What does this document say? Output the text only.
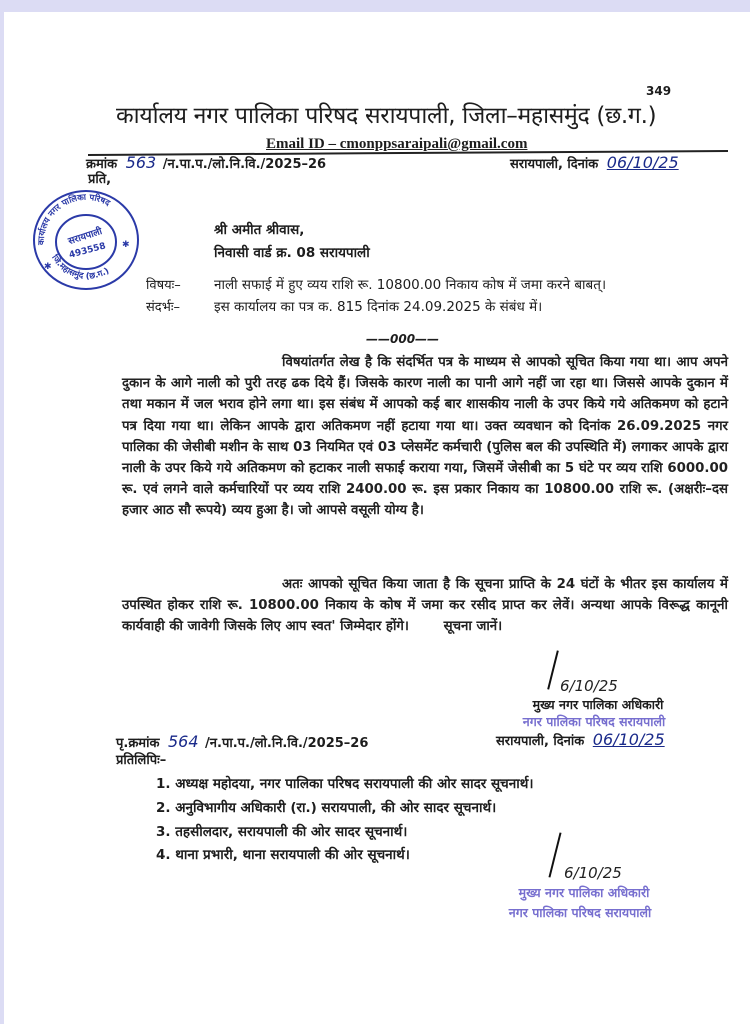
349
कार्यालय नगर पालिका परिषद सरायपाली, जिला–महासमुंद (छ.ग.)
Email ID – cmonppsaraipali@gmail.com
क्रमांक 563 /न.पा.प./लो.नि.वि./2025–26	सरायपाली, दिनांक 06/10/25
प्रति,
कार्यालय नगर पालिका परिषद
जि.महासमुंद (छ.ग.)
सरायपाली
493558
✱
✱
श्री अमीत श्रीवास,
निवासी वार्ड क्र. 08 सरायपाली
विषयः– नाली सफाई में हुए व्यय राशि रू. 10800.00 निकाय कोष में जमा करने बाबत्।
संदर्भः–	इस कार्यालय का पत्र क. 815 दिनांक 24.09.2025 के संबंध में।
——000——
विषयांतर्गत लेख है कि संदर्भित पत्र के माध्यम से आपको सूचित किया गया था। आप अपने दुकान के आगे नाली को पुरी तरह ढक दिये हैं। जिसके कारण नाली का पानी आगे नहीं जा रहा था। जिससे आपके दुकान में तथा मकान में जल भराव होने लगा था। इस संबंध में आपको कई बार शासकीय नाली के उपर किये गये अतिकमण को हटाने पत्र दिया गया था। लेकिन आपके द्वारा अतिकमण नहीं हटाया गया था। उक्त व्यवधान को दिनांक 26.09.2025 नगर पालिका की जेसीबी मशीन के साथ 03 नियमित एवं 03 प्लेसमेंट कर्मचारी (पुलिस बल की उपस्थिति में) लगाकर आपके द्वारा नाली के उपर किये गये अतिकमण को हटाकर नाली सफाई कराया गया, जिसमें जेसीबी का 5 घंटे पर व्यय राशि 6000.00 रू. एवं लगने वाले कर्मचारियों पर व्यय राशि 2400.00 रू. इस प्रकार निकाय का 10800.00 राशि रू. (अक्षरीः–दस हजार आठ सौ रूपये) व्यय हुआ है। जो आपसे वसूली योग्य है।
अतः आपको सूचित किया जाता है कि सूचना प्राप्ति के 24 घंटों के भीतर इस कार्यालय में उपस्थित होकर राशि रू. 10800.00 निकाय के कोष में जमा कर रसीद प्राप्त कर लेवें। अन्यथा आपके विरूद्ध कानूनी कार्यवाही की जावेगी जिसके लिए आप स्वत' जिम्मेदार होंगे।	सूचना जानें।
6/10/25
मुख्य नगर पालिका अधिकारी
नगर पालिका परिषद सरायपाली
सरायपाली, दिनांक 06/10/25
पृ.क्रमांक 564 /न.पा.प./लो.नि.वि./2025–26
प्रतिलिपिः–
1. अध्यक्ष महोदया, नगर पालिका परिषद सरायपाली की ओर सादर सूचनार्थ।
2. अनुविभागीय अधिकारी (रा.) सरायपाली, की ओर सादर सूचनार्थ।
3. तहसीलदार, सरायपाली की ओर सादर सूचनार्थ।
4. थाना प्रभारी, थाना सरायपाली की ओर सूचनार्थ।
6/10/25
मुख्य नगर पालिका अधिकारी
नगर पालिका परिषद सरायपाली
